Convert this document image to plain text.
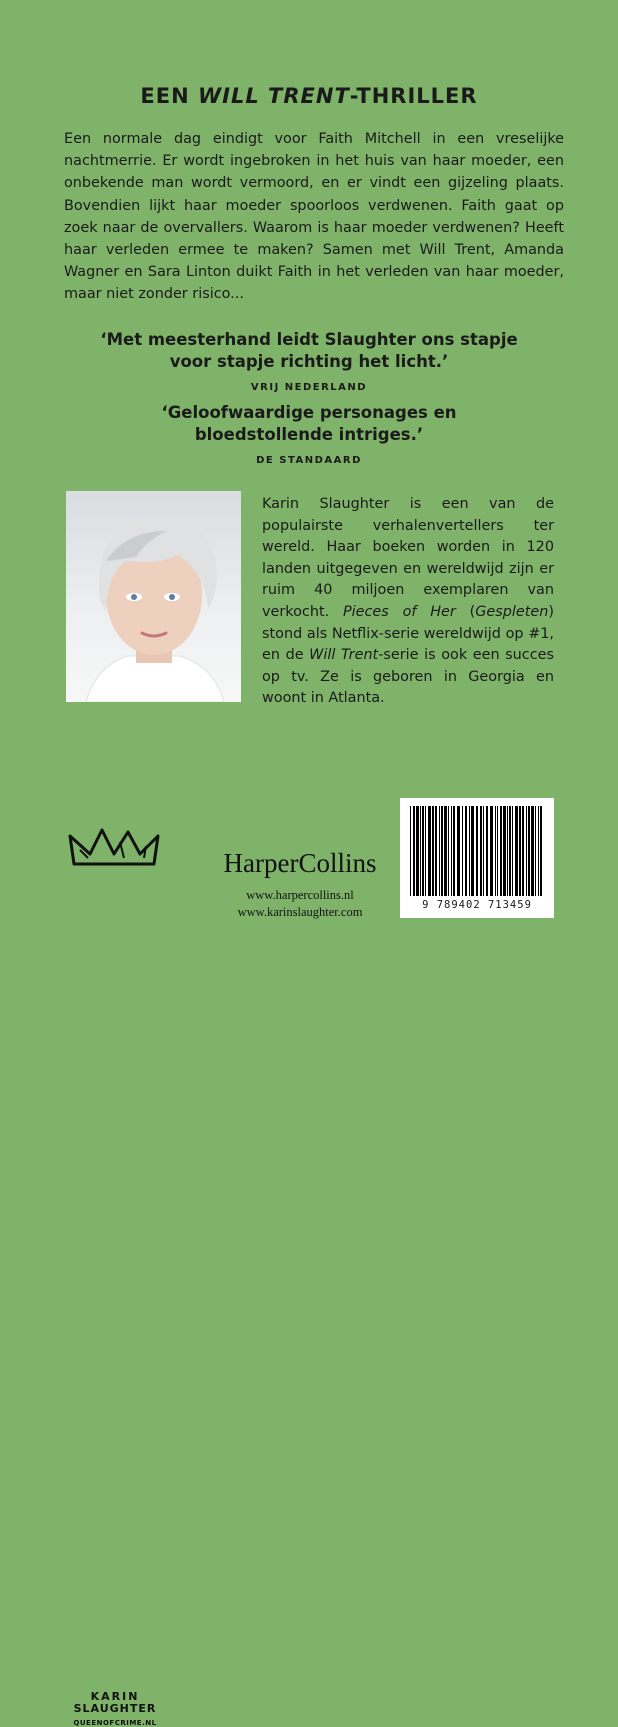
EEN WILL TRENT-THRILLER

Een normale dag eindigt voor Faith Mitchell in een vreselijke nachtmerrie. Er wordt ingebroken in het huis van haar moeder, een onbekende man wordt vermoord, en er vindt een gijzeling plaats. Bovendien lijkt haar moeder spoorloos verdwenen. Faith gaat op zoek naar de overvallers. Waarom is haar moeder verdwenen? Heeft haar verleden ermee te maken? Samen met Will Trent, Amanda Wagner en Sara Linton duikt Faith in het verleden van haar moeder, maar niet zonder risico...

‘Met meesterhand leidt Slaughter ons stapje
voor stapje richting het licht.’

VRIJ NEDERLAND

‘Geloofwaardige personages en
bloedstollende intriges.’

DE STANDAARD

Karin Slaughter is een van de populairste verhalenvertellers ter wereld. Haar boeken worden in 120 landen uitgegeven en wereldwijd zijn er ruim 40 miljoen exemplaren van verkocht. Pieces of Her (Gespleten) stond als Netflix-serie wereldwijd op #1, en de Will Trent-serie is ook een succes op tv. Ze is geboren in Georgia en woont in Atlanta.

KARIN
SLAUGHTER
QUEENOFCRIME.NL
HarperCollins
www.harpercollins.nl
www.karinslaughter.com	9 789402 713459
